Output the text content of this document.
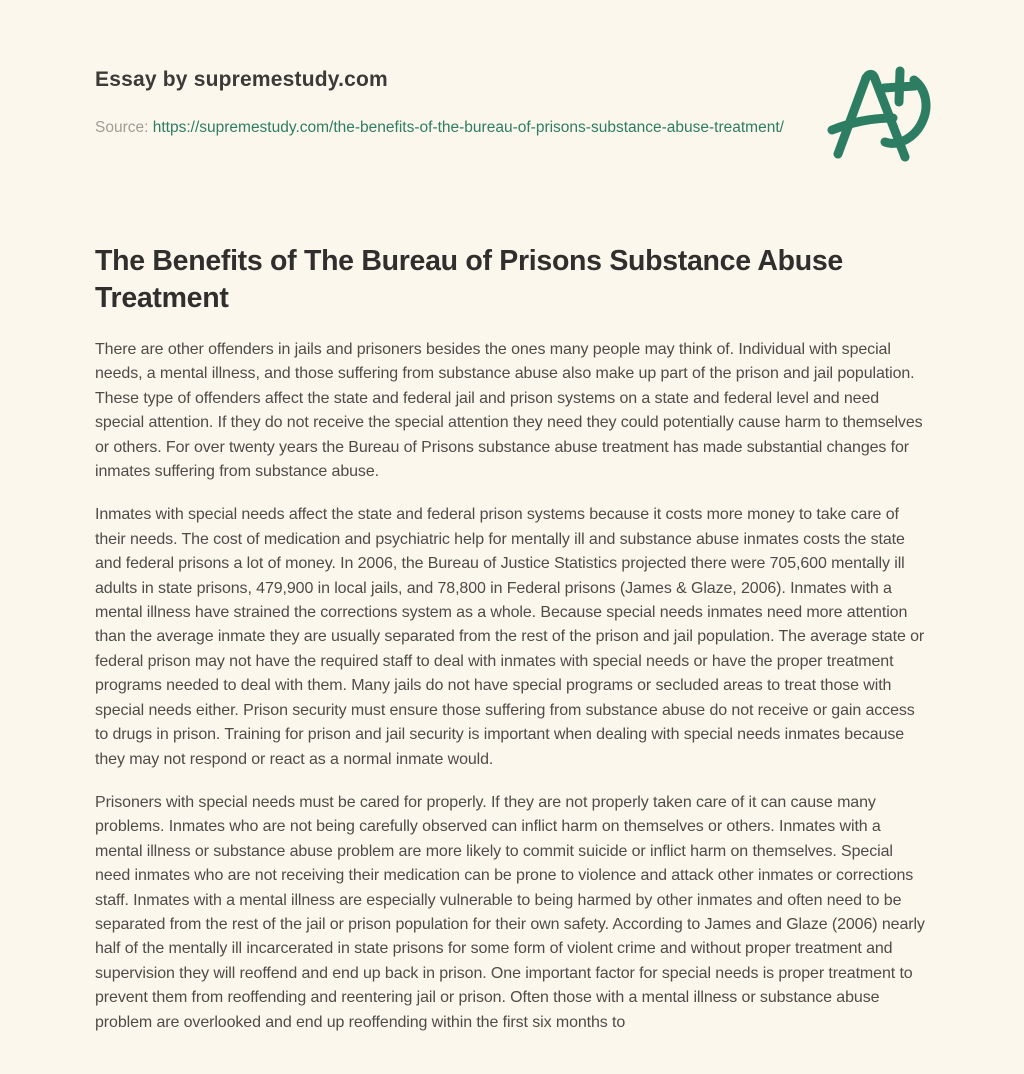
Essay by supremestudy.com
Source: https://supremestudy.com/the-benefits-of-the-bureau-of-prisons-substance-abuse-treatment/
The Benefits of The Bureau of Prisons Substance Abuse Treatment

There are other offenders in jails and prisoners besides the ones many people may think of. Individual with special needs, a mental illness, and those suffering from substance abuse also make up part of the prison and jail population. These type of offenders affect the state and federal jail and prison systems on a state and federal level and need special attention. If they do not receive the special attention they need they could potentially cause harm to themselves or others. For over twenty years the Bureau of Prisons substance abuse treatment has made substantial changes for inmates suffering from substance abuse.

Inmates with special needs affect the state and federal prison systems because it costs more money to take care of their needs. The cost of medication and psychiatric help for mentally ill and substance abuse inmates costs the state and federal prisons a lot of money. In 2006, the Bureau of Justice Statistics projected there were 705,600 mentally ill adults in state prisons, 479,900 in local jails, and 78,800 in Federal prisons (James & Glaze, 2006). Inmates with a mental illness have strained the corrections system as a whole. Because special needs inmates need more attention than the average inmate they are usually separated from the rest of the prison and jail population. The average state or federal prison may not have the required staff to deal with inmates with special needs or have the proper treatment programs needed to deal with them. Many jails do not have special programs or secluded areas to treat those with special needs either. Prison security must ensure those suffering from substance abuse do not receive or gain access to drugs in prison. Training for prison and jail security is important when dealing with special needs inmates because they may not respond or react as a normal inmate would.

Prisoners with special needs must be cared for properly. If they are not properly taken care of it can cause many problems. Inmates who are not being carefully observed can inflict harm on themselves or others. Inmates with a mental illness or substance abuse problem are more likely to commit suicide or inflict harm on themselves. Special need inmates who are not receiving their medication can be prone to violence and attack other inmates or corrections staff. Inmates with a mental illness are especially vulnerable to being harmed by other inmates and often need to be separated from the rest of the jail or prison population for their own safety. According to James and Glaze (2006) nearly half of the mentally ill incarcerated in state prisons for some form of violent crime and without proper treatment and supervision they will reoffend and end up back in prison. One important factor for special needs is proper treatment to prevent them from reoffending and reentering jail or prison. Often those with a mental illness or substance abuse problem are overlooked and end up reoffending within the first six months to
